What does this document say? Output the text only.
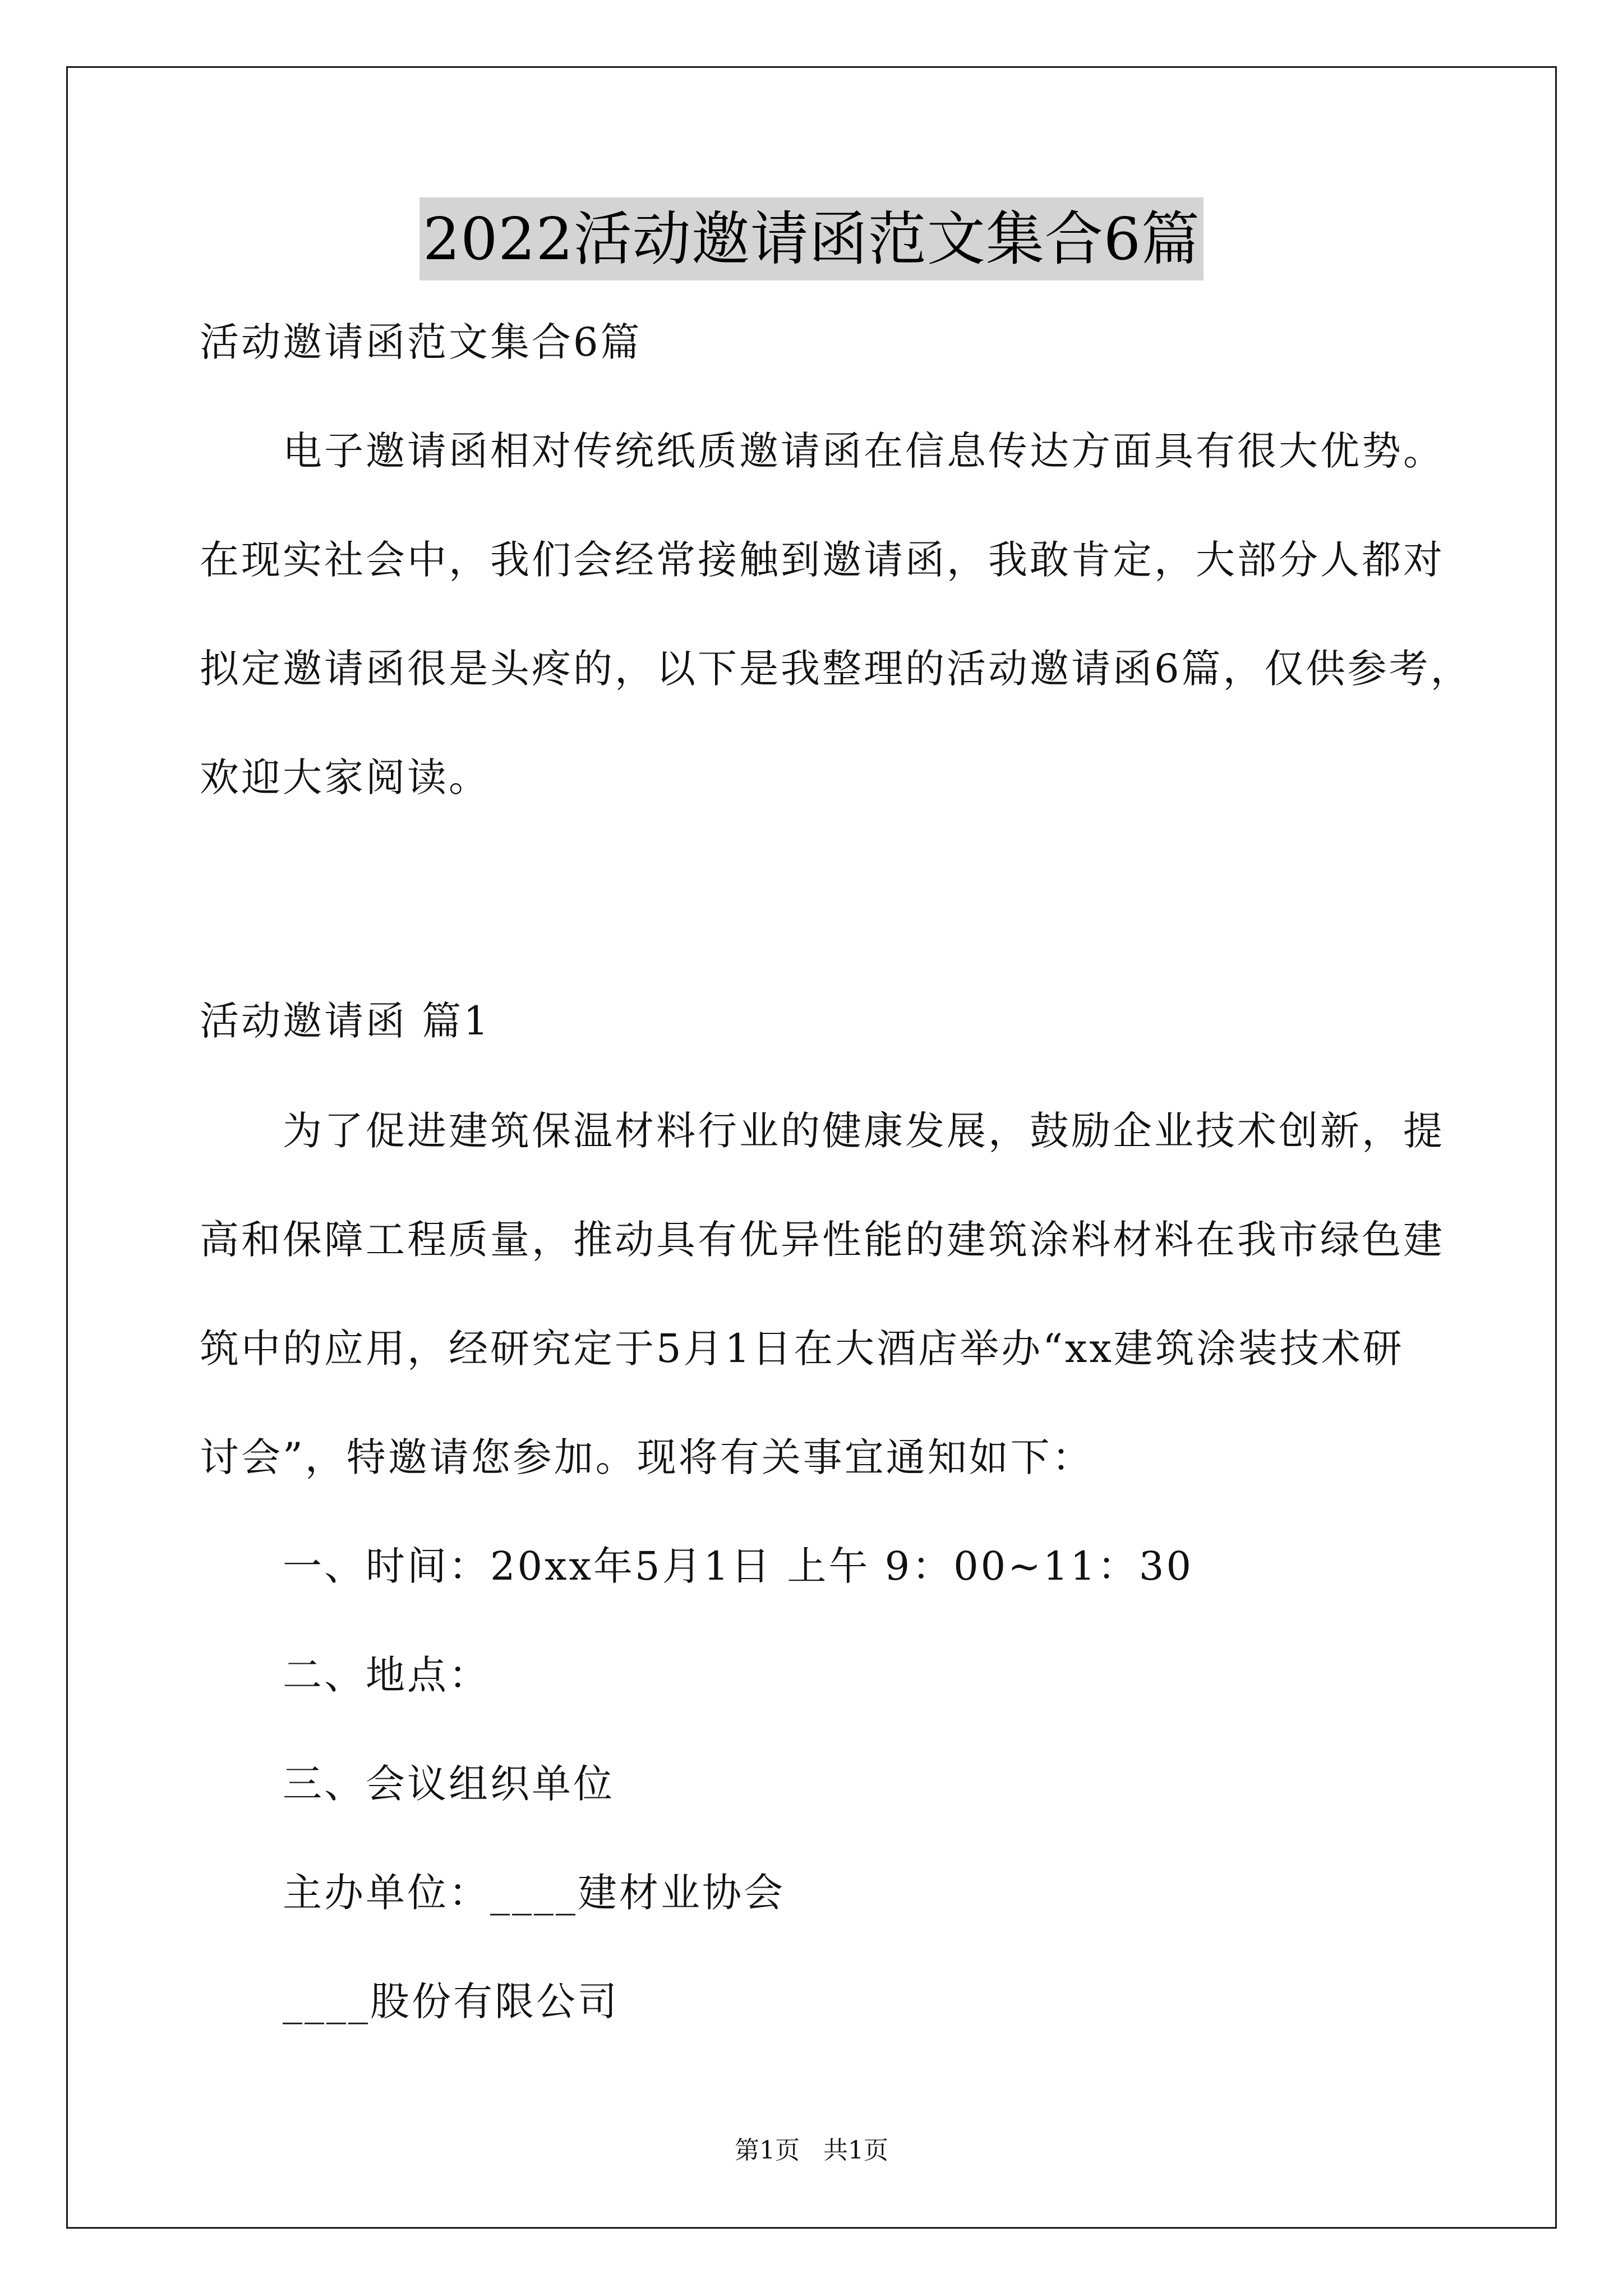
2022活动邀请函范文集合6篇
活动邀请函范文集合6篇
　　电子邀请函相对传统纸质邀请函在信息传达方面具有很大优势。
在现实社会中，我们会经常接触到邀请函，我敢肯定，大部分人都对
拟定邀请函很是头疼的，以下是我整理的活动邀请函6篇，仅供参考，
欢迎大家阅读。
活动邀请函 篇1
　　为了促进建筑保温材料行业的健康发展，鼓励企业技术创新，提
高和保障工程质量，推动具有优异性能的建筑涂料材料在我市绿色建
筑中的应用，经研究定于5月1日在大酒店举办“xx建筑涂装技术研
讨会”，特邀请您参加。现将有关事宜通知如下：
　　一、时间：20xx年5月1日 上午 9：00~11：30
　　二、地点：
　　三、会议组织单位
　　主办单位：____建材业协会
　　____股份有限公司
第1页 共1页
